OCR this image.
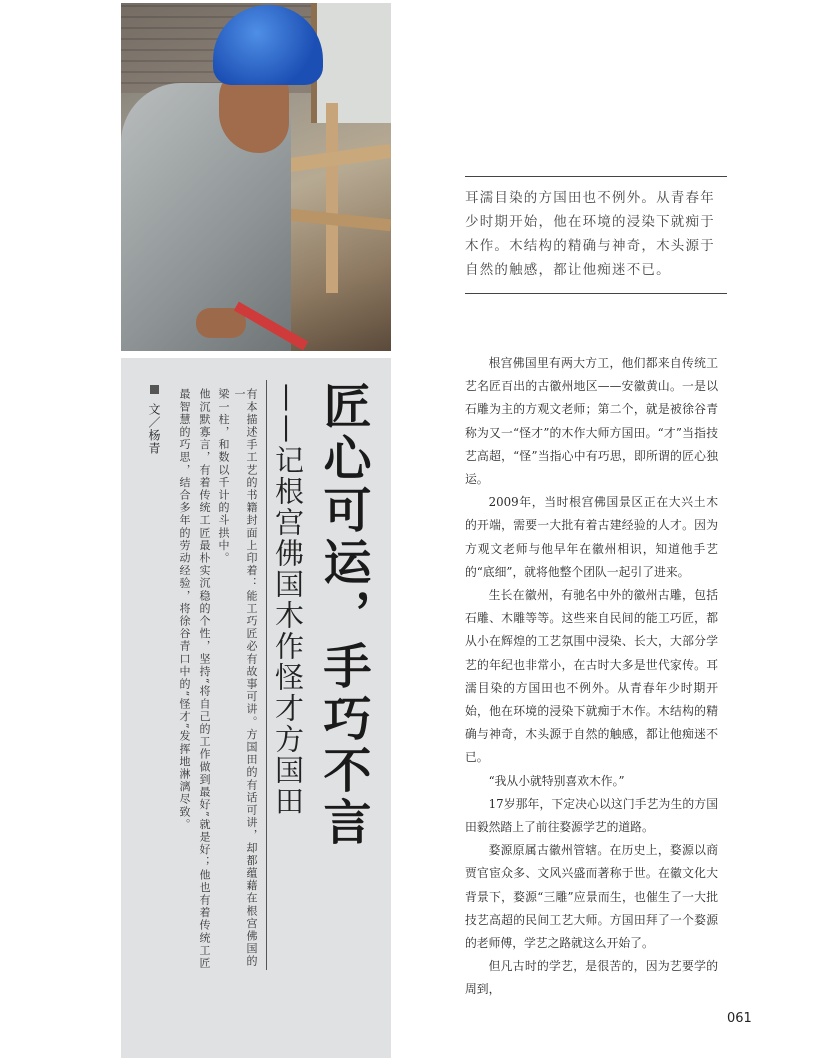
匠心可运，手巧不言
——记根宫佛国木作怪才方国田
有本描述手工艺的书籍封面上印着：能工巧匠必有故事可讲。方国田的有话可讲，却都蕴藉在根宫佛国的一
梁一柱，和数以千计的斗拱中。
他沉默寡言，有着传统工匠最朴实沉稳的个性，坚持“将自己的工作做到最好”就是好；他也有着传统工匠
最智慧的巧思，结合多年的劳动经验，将徐谷青口中的“怪才”发挥地淋漓尽致。
文／杨青
耳濡目染的方国田也不例外。从青春年少时期开始，他在环境的浸染下就痴于木作。木结构的精确与神奇，木头源于自然的触感，都让他痴迷不已。

根宫佛国里有两大方工，他们都来自传统工艺名匠百出的古徽州地区——安徽黄山。一是以石雕为主的方观文老师；第二个，就是被徐谷青称为又一“怪才”的木作大师方国田。“才”当指技艺高超，“怪”当指心中有巧思，即所谓的匠心独运。

2009年，当时根宫佛国景区正在大兴土木的开端，需要一大批有着古建经验的人才。因为方观文老师与他早年在徽州相识，知道他手艺的“底细”，就将他整个团队一起引了进来。

生长在徽州，有驰名中外的徽州古雕，包括石雕、木雕等等。这些来自民间的能工巧匠，都从小在辉煌的工艺氛围中浸染、长大，大部分学艺的年纪也非常小，在古时大多是世代家传。耳濡目染的方国田也不例外。从青春年少时期开始，他在环境的浸染下就痴于木作。木结构的精确与神奇，木头源于自然的触感，都让他痴迷不已。

“我从小就特别喜欢木作。”

17岁那年，下定决心以这门手艺为生的方国田毅然踏上了前往婺源学艺的道路。

婺源原属古徽州管辖。在历史上，婺源以商贾官宦众多、文风兴盛而著称于世。在徽文化大背景下，婺源“三雕”应景而生，也催生了一大批技艺高超的民间工艺大师。方国田拜了一个婺源的老师傅，学艺之路就这么开始了。

但凡古时的学艺，是很苦的，因为艺要学的周到，

061
